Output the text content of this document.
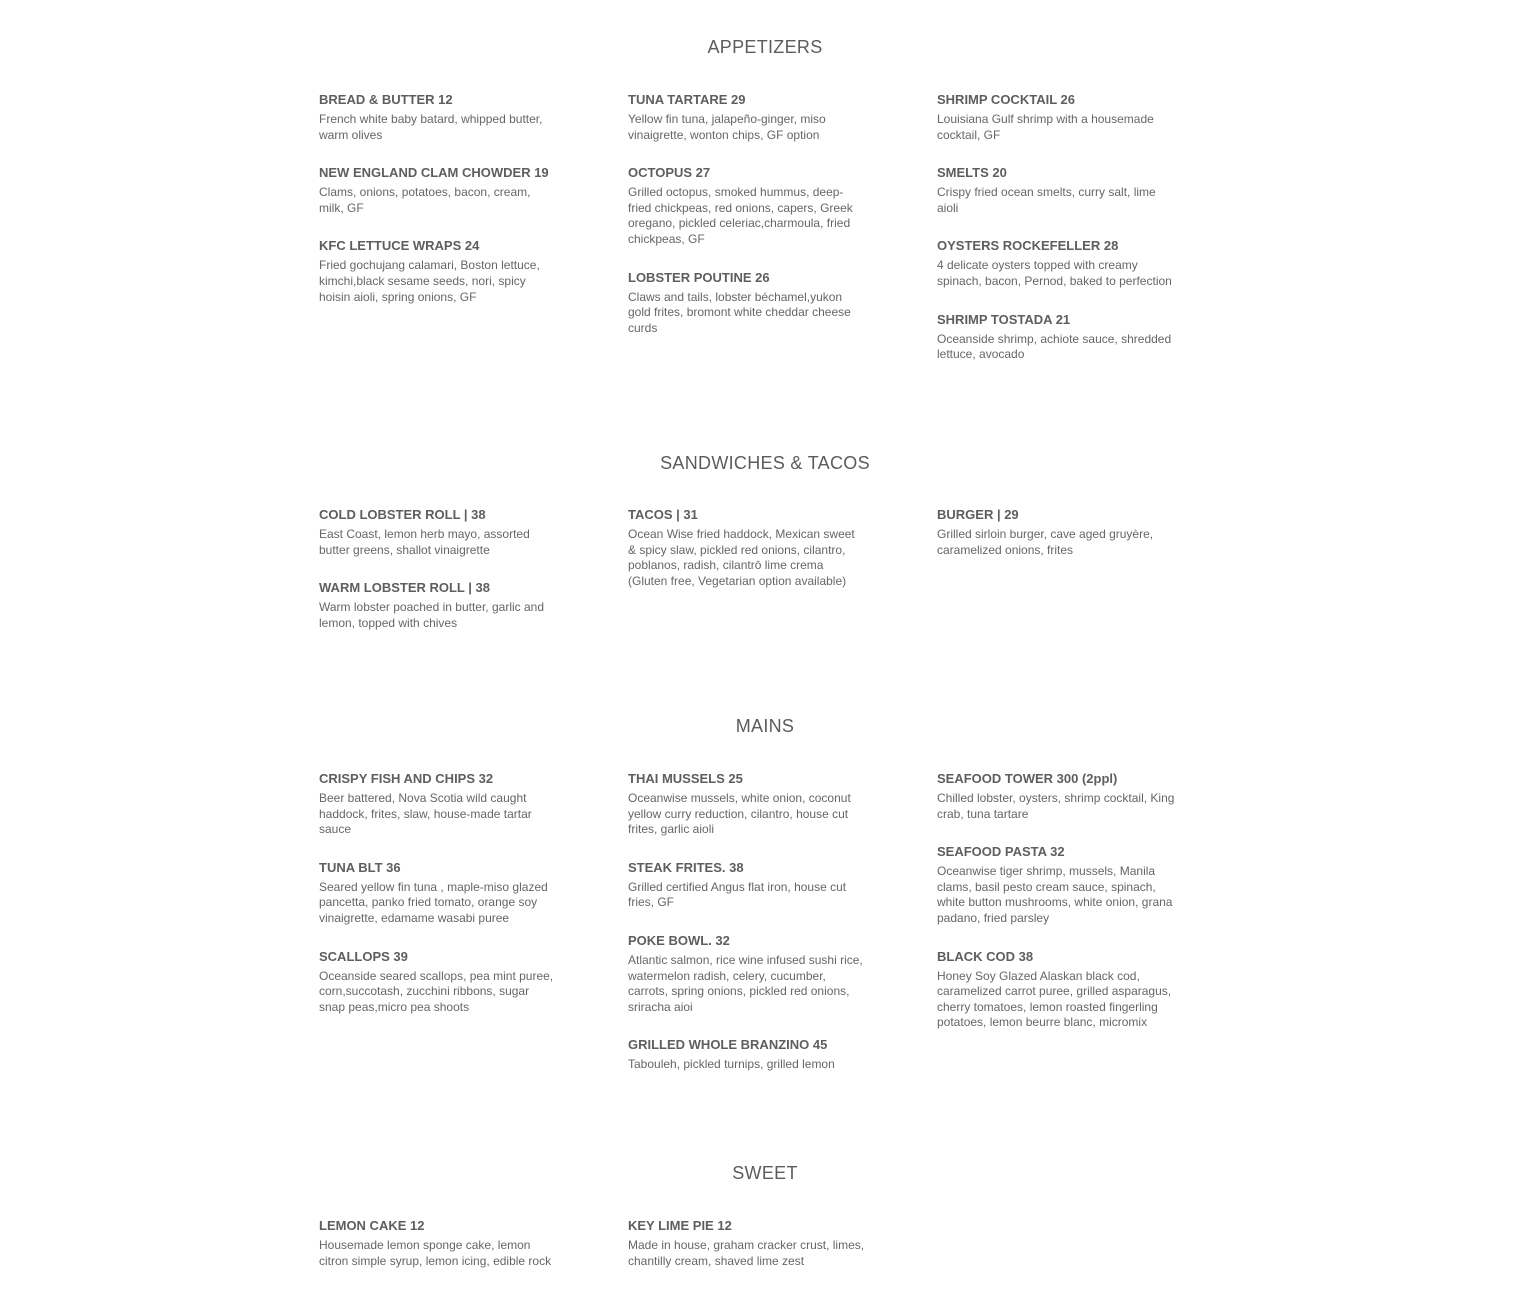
APPETIZERS
BREAD & BUTTER 12
French white baby batard, whipped butter, warm olives
NEW ENGLAND CLAM CHOWDER 19
Clams, onions, potatoes, bacon, cream, milk, GF
KFC LETTUCE WRAPS 24
Fried gochujang calamari, Boston lettuce, kimchi,black sesame seeds, nori, spicy hoisin aioli, spring onions, GF
TUNA TARTARE 29
Yellow fin tuna, jalapeño-ginger, miso vinaigrette, wonton chips, GF option
OCTOPUS 27
Grilled octopus, smoked hummus, deep-fried chickpeas, red onions, capers, Greek oregano, pickled celeriac,charmoula, fried chickpeas, GF
LOBSTER POUTINE 26
Claws and tails, lobster béchamel,yukon gold frites, bromont white cheddar cheese curds
SHRIMP COCKTAIL 26
Louisiana Gulf shrimp with a housemade cocktail, GF
SMELTS 20
Crispy fried ocean smelts, curry salt, lime aioli
OYSTERS ROCKEFELLER 28
4 delicate oysters topped with creamy spinach, bacon, Pernod, baked to perfection
SHRIMP TOSTADA 21
Oceanside shrimp, achiote sauce, shredded lettuce, avocado
SANDWICHES & TACOS
COLD LOBSTER ROLL | 38
East Coast, lemon herb mayo, assorted butter greens, shallot vinaigrette
WARM LOBSTER ROLL | 38
Warm lobster poached in butter, garlic and lemon, topped with chives
TACOS | 31
Ocean Wise fried haddock, Mexican sweet & spicy slaw, pickled red onions, cilantro, poblanos, radish, cilantrō lime crema (Gluten free, Vegetarian option available)
BURGER | 29
Grilled sirloin burger, cave aged gruyère, caramelized onions, frites
MAINS
CRISPY FISH AND CHIPS 32
Beer battered, Nova Scotia wild caught haddock, frites, slaw, house-made tartar sauce
TUNA BLT 36
Seared yellow fin tuna , maple-miso glazed pancetta, panko fried tomato, orange soy vinaigrette, edamame wasabi puree
SCALLOPS 39
Oceanside seared scallops, pea mint puree, corn,succotash, zucchini ribbons, sugar snap peas,micro pea shoots
THAI MUSSELS 25
Oceanwise mussels, white onion, coconut yellow curry reduction, cilantro, house cut frites, garlic aioli
STEAK FRITES. 38
Grilled certified Angus flat iron, house cut fries, GF
POKE BOWL. 32
Atlantic salmon, rice wine infused sushi rice, watermelon radish, celery, cucumber, carrots, spring onions, pickled red onions, sriracha aioi
GRILLED WHOLE BRANZINO 45
Tabouleh, pickled turnips, grilled lemon
SEAFOOD TOWER 300 (2ppl)
Chilled lobster, oysters, shrimp cocktail, King crab, tuna tartare
SEAFOOD PASTA 32
Oceanwise tiger shrimp, mussels, Manila clams, basil pesto cream sauce, spinach, white button mushrooms, white onion, grana padano, fried parsley
BLACK COD 38
Honey Soy Glazed Alaskan black cod, caramelized carrot puree, grilled asparagus, cherry tomatoes, lemon roasted fingerling potatoes, lemon beurre blanc, micromix
SWEET
LEMON CAKE 12
Housemade lemon sponge cake, lemon citron simple syrup, lemon icing, edible rock
KEY LIME PIE 12
Made in house, graham cracker crust, limes, chantilly cream, shaved lime zest
